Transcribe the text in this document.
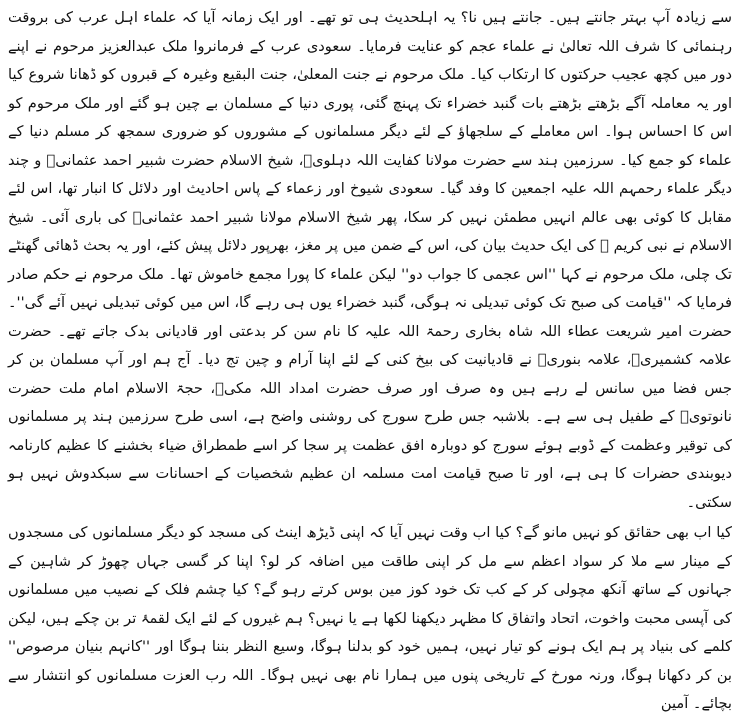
سے زیادہ آپ بہتر جانتے ہیں۔ جانتے ہیں نا؟ یہ اہلحدیث ہی تو تھے۔ اور ایک زمانہ آیا کہ علماء اہل عرب کی بروقت رہنمائی کا شرف اللہ تعالیٰ نے علماء عجم کو عنایت فرمایا۔ سعودی عرب کے فرمانروا ملک عبدالعزیز مرحوم نے اپنے دور میں کچھ عجیب حرکتوں کا ارتکاب کیا۔ ملک مرحوم نے جنت المعلیٰ، جنت البقیع وغیرہ کے قبروں کو ڈھانا شروع کیا اور یہ معاملہ آگے بڑھتے بڑھتے بات گنبد خضراء تک پہنچ گئی، پوری دنیا کے مسلمان بے چین ہو گئے اور ملک مرحوم کو اس کا احساس ہوا۔ اس معاملے کے سلجھاؤ کے لئے دیگر مسلمانوں کے مشوروں کو ضروری سمجھ کر مسلم دنیا کے علماء کو جمع کیا۔ سرزمین ہند سے حضرت مولانا کفایت اللہ دہلویؒ، شیخ الاسلام حضرت شبیر احمد عثمانیؒ و چند دیگر علماء رحمہم اللہ علیہ اجمعین کا وفد گیا۔ سعودی شیوخ اور زعماء کے پاس احادیث اور دلائل کا انبار تھا، اس لئے مقابل کا کوئی بھی عالم انہیں مطمئن نہیں کر سکا، پھر شیخ الاسلام مولانا شبیر احمد عثمانیؒ کی باری آئی۔ شیخ الاسلام نے نبی کریم ﷺ کی ایک حدیث بیان کی، اس کے ضمن میں پر مغز، بھرپور دلائل پیش کئے، اور یہ بحث ڈھائی گھنٹے تک چلی، ملک مرحوم نے کہا ''اس عجمی کا جواب دو'' لیکن علماء کا پورا مجمع خاموش تھا۔ ملک مرحوم نے حکم صادر فرمایا کہ ''قیامت کی صبح تک کوئی تبدیلی نہ ہوگی، گنبد خضراء یوں ہی رہے گا، اس میں کوئی تبدیلی نہیں آئے گی''۔ حضرت امیر شریعت عطاء اللہ شاہ بخاری رحمۃ اللہ علیہ کا نام سن کر بدعتی اور قادیانی بدک جاتے تھے۔ حضرت علامہ کشمیریؒ، علامہ بنوریؒ نے قادیانیت کی بیخ کنی کے لئے اپنا آرام و چین تج دیا۔ آج ہم اور آپ مسلمان بن کر جس فضا میں سانس لے رہے ہیں وہ صرف اور صرف حضرت امداد اللہ مکیؒ، حجۃ الاسلام امام ملت حضرت نانوتویؒ کے طفیل ہی سے ہے۔ بلاشبہ جس طرح سورج کی روشنی واضح ہے، اسی طرح سرزمین ہند پر مسلمانوں کی توقیر وعظمت کے ڈوبے ہوئے سورج کو دوبارہ افق عظمت پر سجا کر اسے طمطراق ضیاء بخشنے کا عظیم کارنامہ دیوبندی حضرات کا ہی ہے، اور تا صبح قیامت امت مسلمہ ان عظیم شخصیات کے احسانات سے سبکدوش نہیں ہو سکتی۔

کیا اب بھی حقائق کو نہیں مانو گے؟ کیا اب وقت نہیں آیا کہ اپنی ڈیڑھ اینٹ کی مسجد کو دیگر مسلمانوں کی مسجدوں کے مینار سے ملا کر سواد اعظم سے مل کر اپنی طاقت میں اضافہ کر لو؟ اپنا کر گسی جہاں چھوڑ کر شاہین کے جہانوں کے ساتھ آنکھ مچولی کر کے کب تک خود کوز مین بوس کرتے رہو گے؟ کیا چشم فلک کے نصیب میں مسلمانوں کی آپسی محبت واخوت، اتحاد واتفاق کا مظہر دیکھنا لکھا ہے یا نہیں؟ ہم غیروں کے لئے ایک لقمۂ تر بن چکے ہیں، لیکن کلمے کی بنیاد پر ہم ایک ہونے کو تیار نہیں، ہمیں خود کو بدلنا ہوگا، وسیع النظر بننا ہوگا اور ''کانہم بنیان مرصوص'' بن کر دکھانا ہوگا، ورنہ مورخ کے تاریخی پنوں میں ہمارا نام بھی نہیں ہوگا۔ اللہ رب العزت مسلمانوں کو انتشار سے بچائے۔ آمین
